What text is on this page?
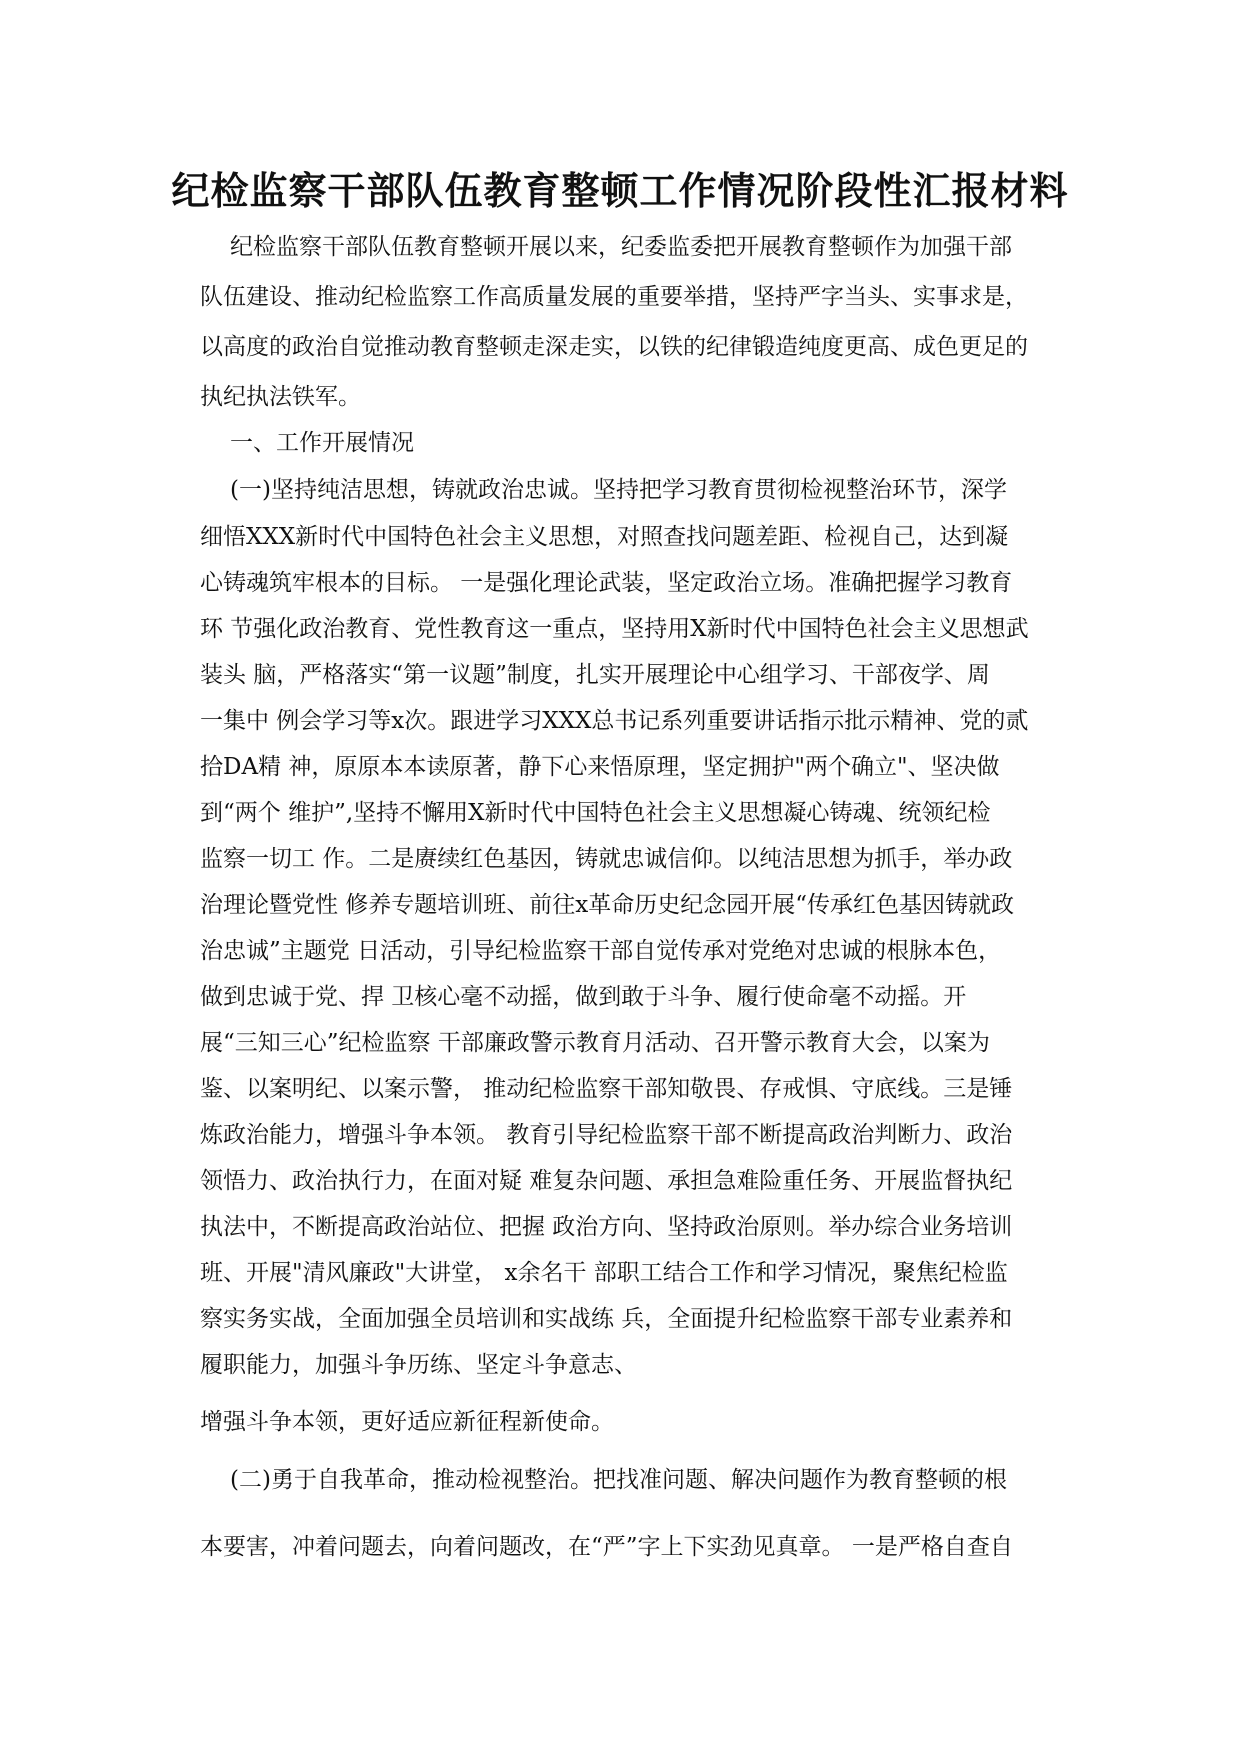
纪检监察干部队伍教育整顿工作情况阶段性汇报材料

纪检监察干部队伍教育整顿开展以来，纪委监委把开展教育整顿作为加强干部

队伍建设、推动纪检监察工作高质量发展的重要举措，坚持严字当头、实事求是，

以高度的政治自觉推动教育整顿走深走实，以铁的纪律锻造纯度更高、成色更足的

执纪执法铁军。

一、工作开展情况

(一)坚持纯洁思想，铸就政治忠诚。坚持把学习教育贯彻检视整治环节，深学

细悟XXX新时代中国特色社会主义思想，对照查找问题差距、检视自己，达到凝

心铸魂筑牢根本的目标。 一是强化理论武装，坚定政治立场。准确把握学习教育

环 节强化政治教育、党性教育这一重点，坚持用X新时代中国特色社会主义思想武

装头 脑，严格落实“第一议题”制度，扎实开展理论中心组学习、干部夜学、周

一集中 例会学习等x次。跟进学习XXX总书记系列重要讲话指示批示精神、党的贰

拾DA精 神，原原本本读原著，静下心来悟原理，坚定拥护"两个确立"、坚决做

到“两个 维护”,坚持不懈用X新时代中国特色社会主义思想凝心铸魂、统领纪检

监察一切工 作。二是赓续红色基因，铸就忠诚信仰。以纯洁思想为抓手，举办政

治理论暨党性 修养专题培训班、前往x革命历史纪念园开展“传承红色基因铸就政

治忠诚”主题党 日活动，引导纪检监察干部自觉传承对党绝对忠诚的根脉本色，

做到忠诚于党、捍 卫核心毫不动摇，做到敢于斗争、履行使命毫不动摇。开

展“三知三心”纪检监察 干部廉政警示教育月活动、召开警示教育大会，以案为

鉴、以案明纪、以案示警， 推动纪检监察干部知敬畏、存戒惧、守底线。三是锤

炼政治能力，增强斗争本领。 教育引导纪检监察干部不断提高政治判断力、政治

领悟力、政治执行力，在面对疑 难复杂问题、承担急难险重任务、开展监督执纪

执法中，不断提高政治站位、把握 政治方向、坚持政治原则。举办综合业务培训

班、开展"清风廉政"大讲堂， x余名干 部职工结合工作和学习情况，聚焦纪检监

察实务实战，全面加强全员培训和实战练 兵，全面提升纪检监察干部专业素养和

履职能力，加强斗争历练、坚定斗争意志、

增强斗争本领，更好适应新征程新使命。

(二)勇于自我革命，推动检视整治。把找准问题、解决问题作为教育整顿的根

本要害，冲着问题去，向着问题改，在“严”字上下实劲见真章。 一是严格自查自
